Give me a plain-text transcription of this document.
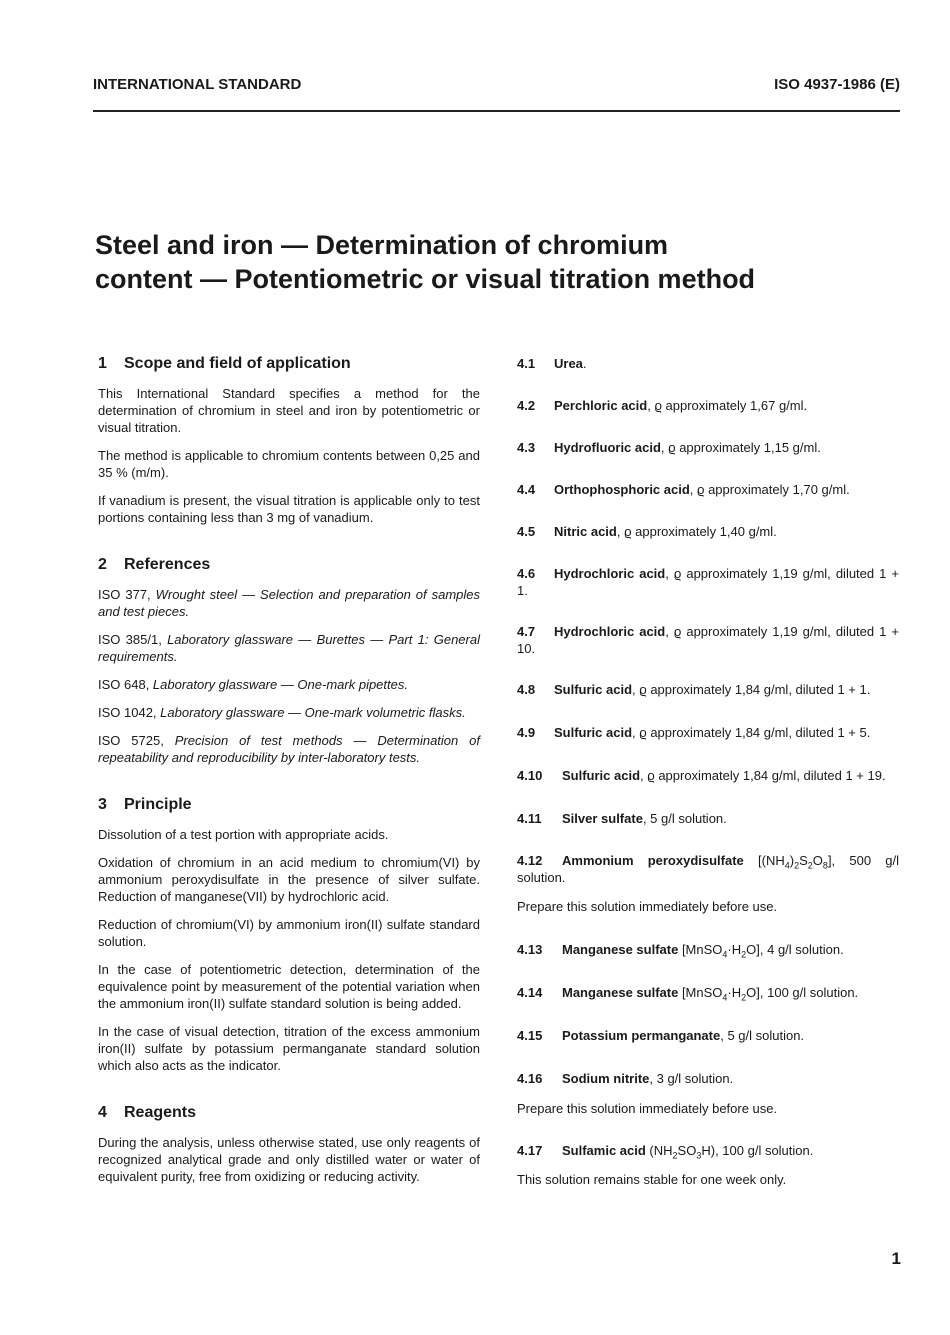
INTERNATIONAL STANDARD	ISO 4937-1986 (E)
Steel and iron — Determination of chromium
content — Potentiometric or visual titration method
1 Scope and field of application

This International Standard specifies a method for the determination of chromium in steel and iron by potentiometric or visual titration.

The method is applicable to chromium contents between 0,25 and 35 % (m/m).

If vanadium is present, the visual titration is applicable only to test portions containing less than 3 mg of vanadium.

2 References

ISO 377, Wrought steel — Selection and preparation of samples and test pieces.

ISO 385/1, Laboratory glassware — Burettes — Part 1: General requirements.

ISO 648, Laboratory glassware — One-mark pipettes.

ISO 1042, Laboratory glassware — One-mark volumetric flasks.

ISO 5725, Precision of test methods — Determination of repeatability and reproducibility by inter-laboratory tests.

3 Principle

Dissolution of a test portion with appropriate acids.

Oxidation of chromium in an acid medium to chromium(VI) by ammonium peroxydisulfate in the presence of silver sulfate. Reduction of manganese(VII) by hydrochloric acid.

Reduction of chromium(VI) by ammonium iron(II) sulfate standard solution.

In the case of potentiometric detection, determination of the equivalence point by measurement of the potential variation when the ammonium iron(II) sulfate standard solution is being added.

In the case of visual detection, titration of the excess ammonium iron(II) sulfate by potassium permanganate standard solution which also acts as the indicator.

4 Reagents

During the analysis, unless otherwise stated, use only reagents of recognized analytical grade and only distilled water or water of equivalent purity, free from oxidizing or reducing activity.

4.1 Urea.
4.2 Perchloric acid, ϱ approximately 1,67 g/ml.
4.3 Hydrofluoric acid, ϱ approximately 1,15 g/ml.
4.4 Orthophosphoric acid, ϱ approximately 1,70 g/ml.
4.5 Nitric acid, ϱ approximately 1,40 g/ml.
4.6 Hydrochloric acid, ϱ approximately 1,19 g/ml, diluted 1 + 1.
4.7 Hydrochloric acid, ϱ approximately 1,19 g/ml, diluted 1 + 10.
4.8 Sulfuric acid, ϱ approximately 1,84 g/ml, diluted 1 + 1.
4.9 Sulfuric acid, ϱ approximately 1,84 g/ml, diluted 1 + 5.
4.10 Sulfuric acid, ϱ approximately 1,84 g/ml, diluted 1 + 19.
4.11 Silver sulfate, 5 g/l solution.
4.12 Ammonium peroxydisulfate $[(NH_4)_2S_2O_8]$, 500 g/l solution.
Prepare this solution immediately before use.
4.13 Manganese sulfate $[MnSO_4\cdot H_2O]$, 4 g/l solution.
4.14 Manganese sulfate $[MnSO_4\cdot H_2O]$, 100 g/l solution.
4.15 Potassium permanganate, 5 g/l solution.
4.16 Sodium nitrite, 3 g/l solution.
Prepare this solution immediately before use.
4.17 Sulfamic acid $(NH_2SO_3H)$, 100 g/l solution.
This solution remains stable for one week only.
1
